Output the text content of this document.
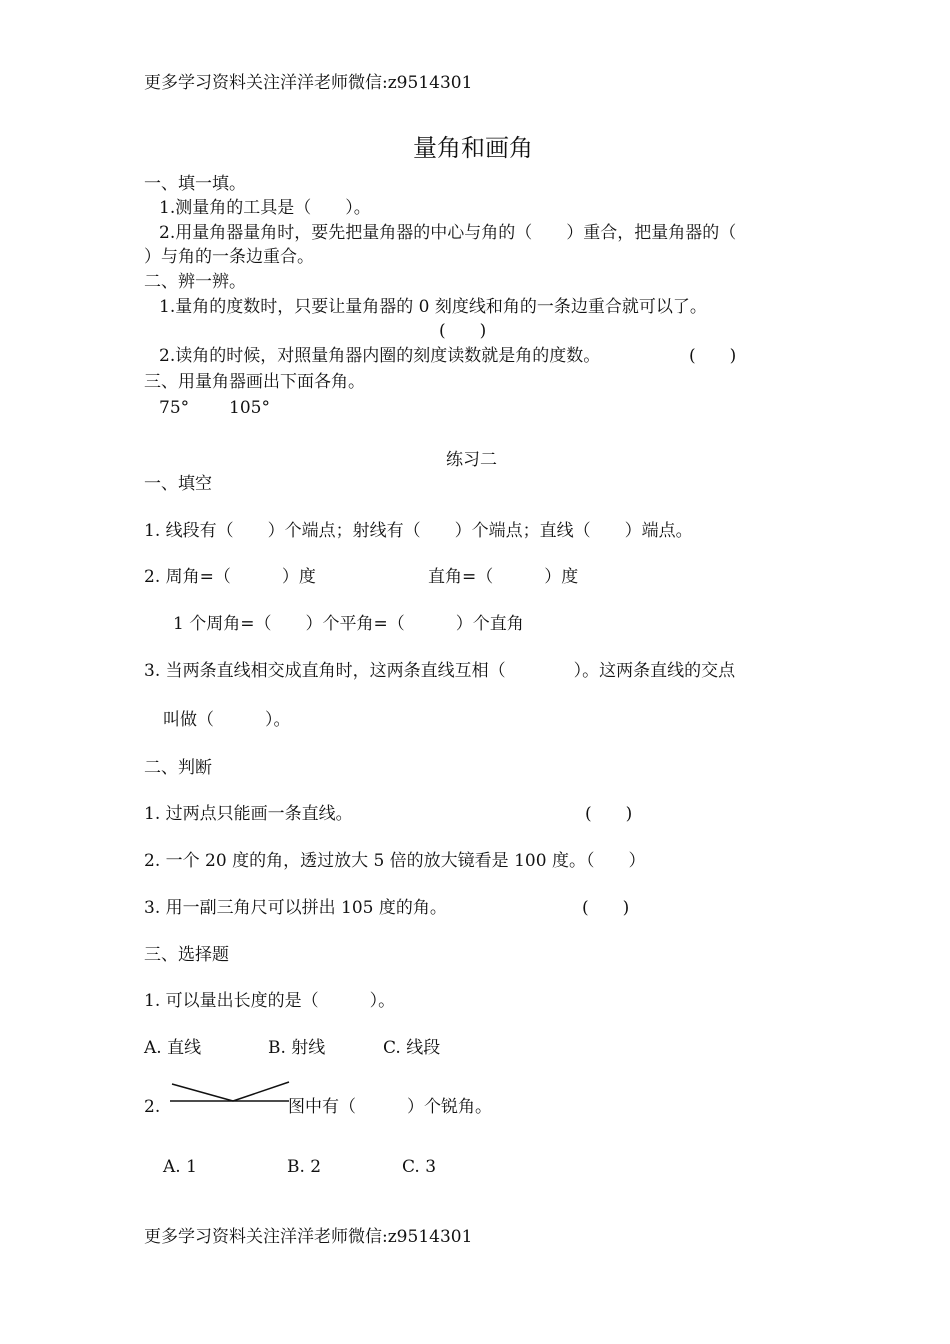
更多学习资料关注洋洋老师微信:z9514301
量角和画角
一、填一填。
1.测量角的工具是（　　）。
2.用量角器量角时，要先把量角器的中心与角的（　　）重合，把量角器的（
）与角的一条边重合。
二、辨一辨。
1.量角的度数时，只要让量角器的 0 刻度线和角的一条边重合就可以了。
(　　)
2.读角的时候，对照量角器内圈的刻度读数就是角的度数。	(　　)
三、用量角器画出下面各角。
75° 105°
练习二
一、填空
1. 线段有（　　）个端点；射线有（　　）个端点；直线（　　）端点。
2. 周角=（　　　）度	直角=（　　　）度
1 个周角=（　　）个平角=（　　　）个直角
3. 当两条直线相交成直角时，这两条直线互相（　　　　）。这两条直线的交点
叫做（　　　）。
二、判断
1. 过两点只能画一条直线。	(　　)
2. 一个 20 度的角，透过放大 5 倍的放大镜看是 100 度。（　　）
3. 用一副三角尺可以拼出 105 度的角。	(　　)
三、选择题
1. 可以量出长度的是（　　　）。
A. 直线	B. 射线	C. 线段
2.	图中有（　　　）个锐角。
A. 1	B. 2	C. 3
更多学习资料关注洋洋老师微信:z9514301
